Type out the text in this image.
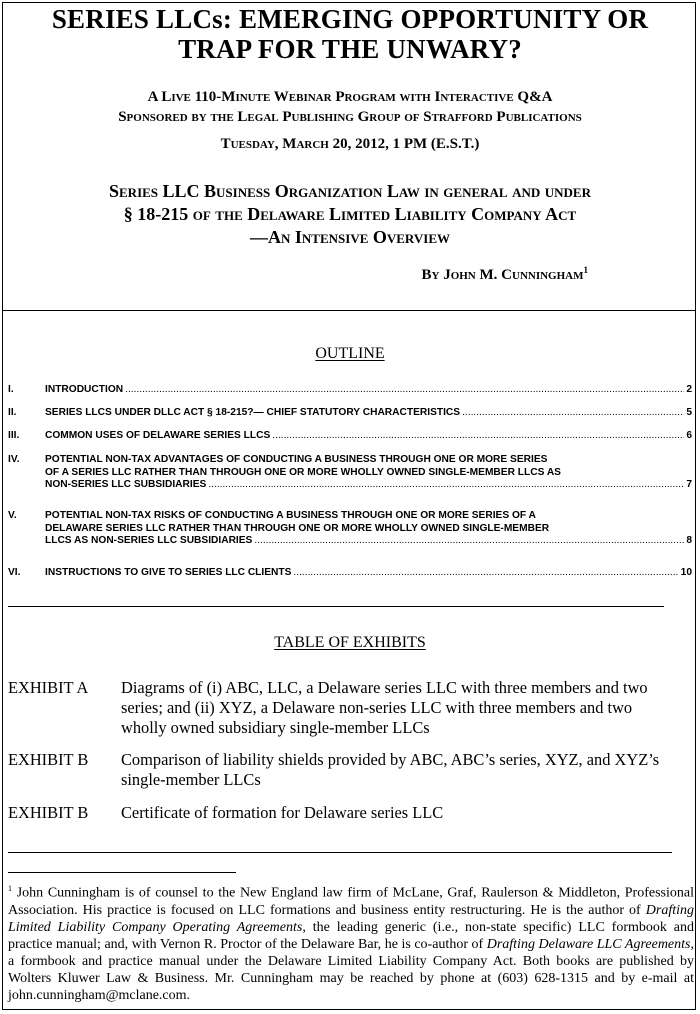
SERIES LLCs: EMERGING OPPORTUNITY OR
TRAP FOR THE UNWARY?
A Live 110-Minute Webinar Program with Interactive Q&A
Sponsored by the Legal Publishing Group of Strafford Publications
Tuesday, March 20, 2012, 1 PM (E.S.T.)
Series LLC Business Organization Law in general and under
§ 18-215 of the Delaware Limited Liability Company Act
—An Intensive Overview
By John M. Cunningham$^1$
OUTLINE
I.	INTRODUCTION .....	2
II.	SERIES LLCS UNDER DLLC ACT § 18-215?— CHIEF STATUTORY CHARACTERISTICS .....	5
III.	COMMON USES OF DELAWARE SERIES LLCS .....	6
IV.	POTENTIAL NON-TAX ADVANTAGES OF CONDUCTING A BUSINESS THROUGH ONE OR MORE SERIES
OF A SERIES LLC RATHER THAN THROUGH ONE OR MORE WHOLLY OWNED SINGLE-MEMBER LLCS AS
NON-SERIES LLC SUBSIDIARIES .....	7
V.	POTENTIAL NON-TAX RISKS OF CONDUCTING A BUSINESS THROUGH ONE OR MORE SERIES OF A
DELAWARE SERIES LLC RATHER THAN THROUGH ONE OR MORE WHOLLY OWNED SINGLE-MEMBER
LLCS AS NON-SERIES LLC SUBSIDIARIES .....	8
VI.	INSTRUCTIONS TO GIVE TO SERIES LLC CLIENTS .....	10
TABLE OF EXHIBITS
EXHIBIT A	Diagrams of (i) ABC, LLC, a Delaware series LLC with three members and two series; and (ii) XYZ, a Delaware non-series LLC with three members and two wholly owned subsidiary single-member LLCs
EXHIBIT B	Comparison of liability shields provided by ABC, ABC’s series, XYZ, and XYZ’s single-member LLCs
EXHIBIT B	Certificate of formation for Delaware series LLC
$^1$ John Cunningham is of counsel to the New England law firm of McLane, Graf, Raulerson & Middleton, Professional Association. His practice is focused on LLC formations and business entity restructuring. He is the author of Drafting Limited Liability Company Operating Agreements, the leading generic (i.e., non-state specific) LLC formbook and practice manual; and, with Vernon R. Proctor of the Delaware Bar, he is co-author of Drafting Delaware LLC Agreements, a formbook and practice manual under the Delaware Limited Liability Company Act. Both books are published by Wolters Kluwer Law & Business. Mr. Cunningham may be reached by phone at (603) 628-1315 and by e-mail at john.cunningham@mclane.com.
